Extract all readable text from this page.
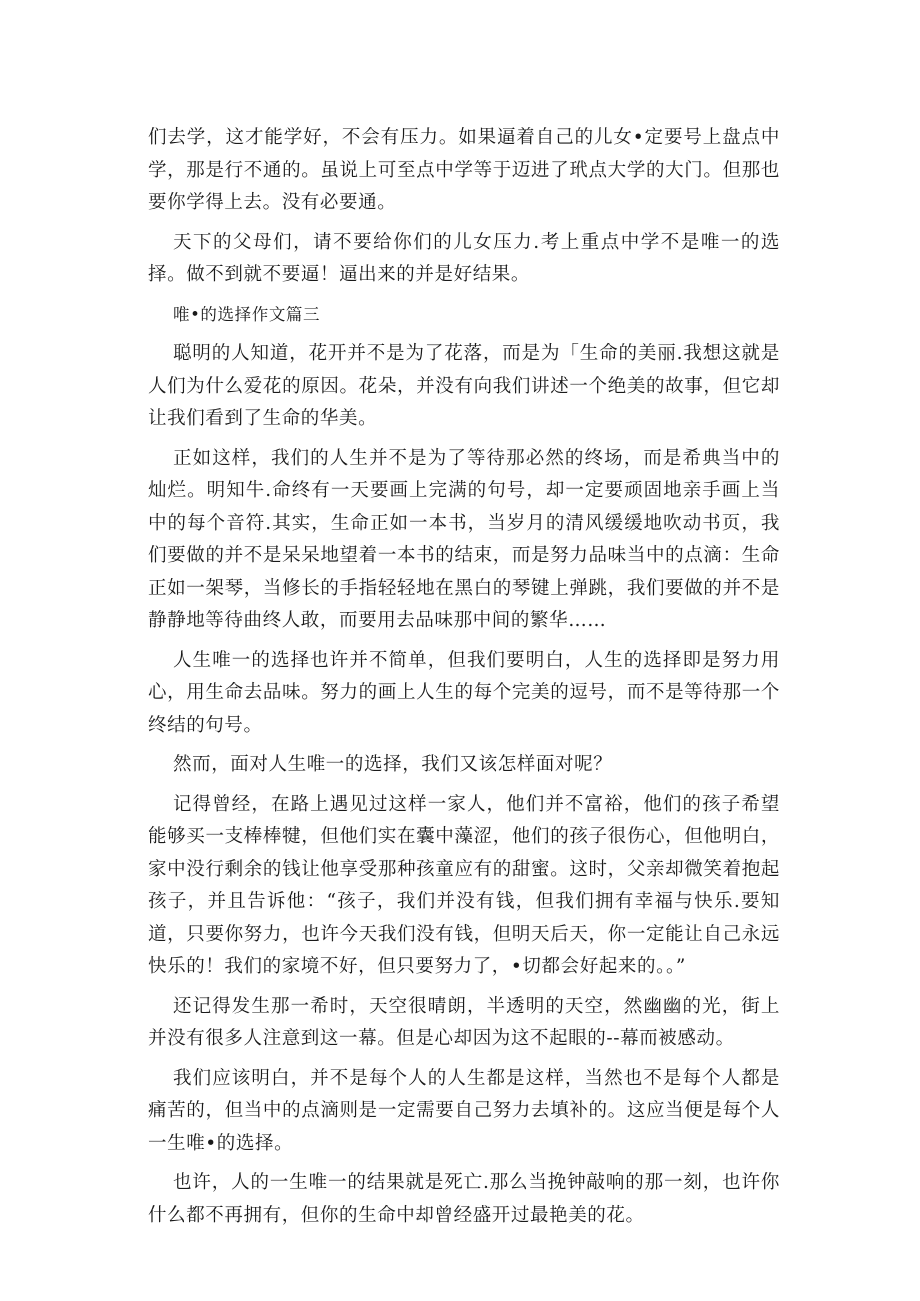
们去学，这才能学好，不会有压力。如果逼着自己的儿女•定要号上盘点中学，那是行不通的。虽说上可至点中学等于迈进了玳点大学的大门。但那也要你学得上去。没有必要通。

天下的父母们，请不要给你们的儿女压力.考上重点中学不是唯一的选择。做不到就不要逼！逼出来的并是好结果。

唯•的选择作文篇三

聪明的人知道，花开并不是为了花落，而是为「生命的美丽.我想这就是人们为什么爱花的原因。花朵，并没有向我们讲述一个绝美的故事，但它却让我们看到了生命的华美。

正如这样，我们的人生并不是为了等待那必然的终场，而是希典当中的灿烂。明知牛.命终有一天要画上完满的句号，却一定要顽固地亲手画上当中的每个音符.其实，生命正如一本书，当岁月的清风缓缓地吹动书页，我们要做的并不是呆呆地望着一本书的结束，而是努力品味当中的点滴：生命正如一架琴，当修长的手指轻轻地在黑白的琴键上弹跳，我们要做的并不是静静地等待曲终人敢，而要用去品味那中间的繁华……

人生唯一的选择也许并不简单，但我们要明白，人生的选择即是努力用心，用生命去品味。努力的画上人生的每个完美的逗号，而不是等待那一个终结的句号。

然而，面对人生唯一的选择，我们又该怎样面对呢？

记得曾经，在路上遇见过这样一家人，他们并不富裕，他们的孩子希望能够买一支棒棒犍，但他们实在囊中藻涩，他们的孩子很伤心，但他明白，家中没行剩余的钱让他享受那种孩童应有的甜蜜。这时，父亲却微笑着抱起孩子，并且告诉他：“孩子，我们并没有钱，但我们拥有幸福与快乐.要知道，只要你努力，也许今天我们没有钱，但明天后天，你一定能让自己永远快乐的！我们的家境不好，但只要努力了，•切都会好起来的。。”

还记得发生那一希时，天空很晴朗，半透明的天空，然幽幽的光，街上并没有很多人注意到这一幕。但是心却因为这不起眼的--幕而被感动。

我们应该明白，并不是每个人的人生都是这样，当然也不是每个人都是痛苦的，但当中的点滴则是一定需要自己努力去填补的。这应当便是每个人一生唯•的选择。

也许，人的一生唯一的结果就是死亡.那么当挽钟敲响的那一刻，也许你什么都不再拥有，但你的生命中却曾经盛开过最艳美的花。
